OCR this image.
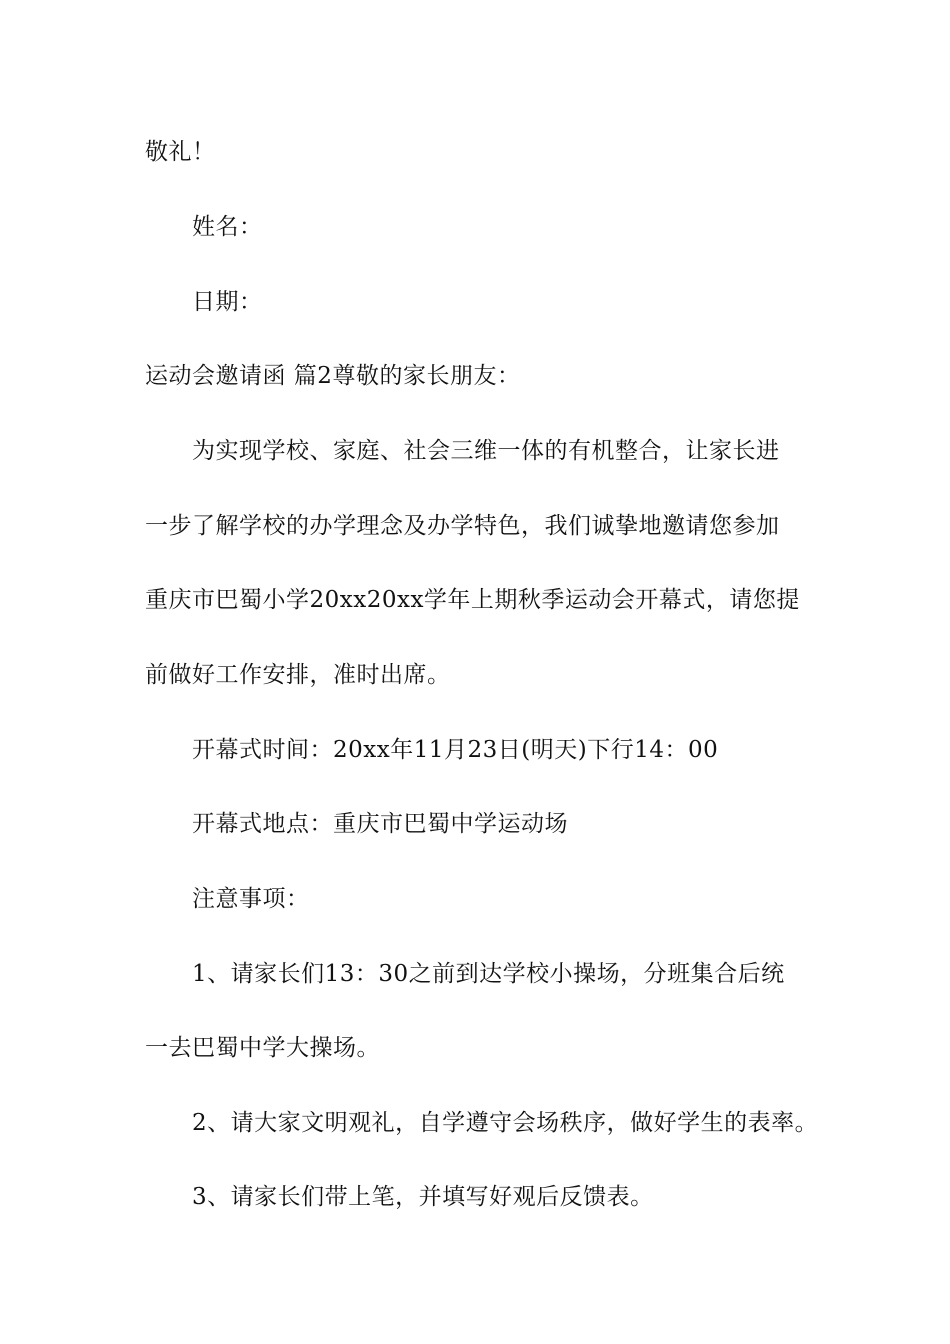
敬礼！
姓名：
日期：
运动会邀请函 篇2尊敬的家长朋友：
为实现学校、家庭、社会三维一体的有机整合，让家长进
一步了解学校的办学理念及办学特色，我们诚挚地邀请您参加
重庆市巴蜀小学20xx20xx学年上期秋季运动会开幕式，请您提
前做好工作安排，准时出席。
开幕式时间：20xx年11月23日(明天)下行14：00
开幕式地点：重庆市巴蜀中学运动场
注意事项：
1、请家长们13：30之前到达学校小操场，分班集合后统
一去巴蜀中学大操场。
2、请大家文明观礼，自学遵守会场秩序，做好学生的表率。
3、请家长们带上笔，并填写好观后反馈表。
